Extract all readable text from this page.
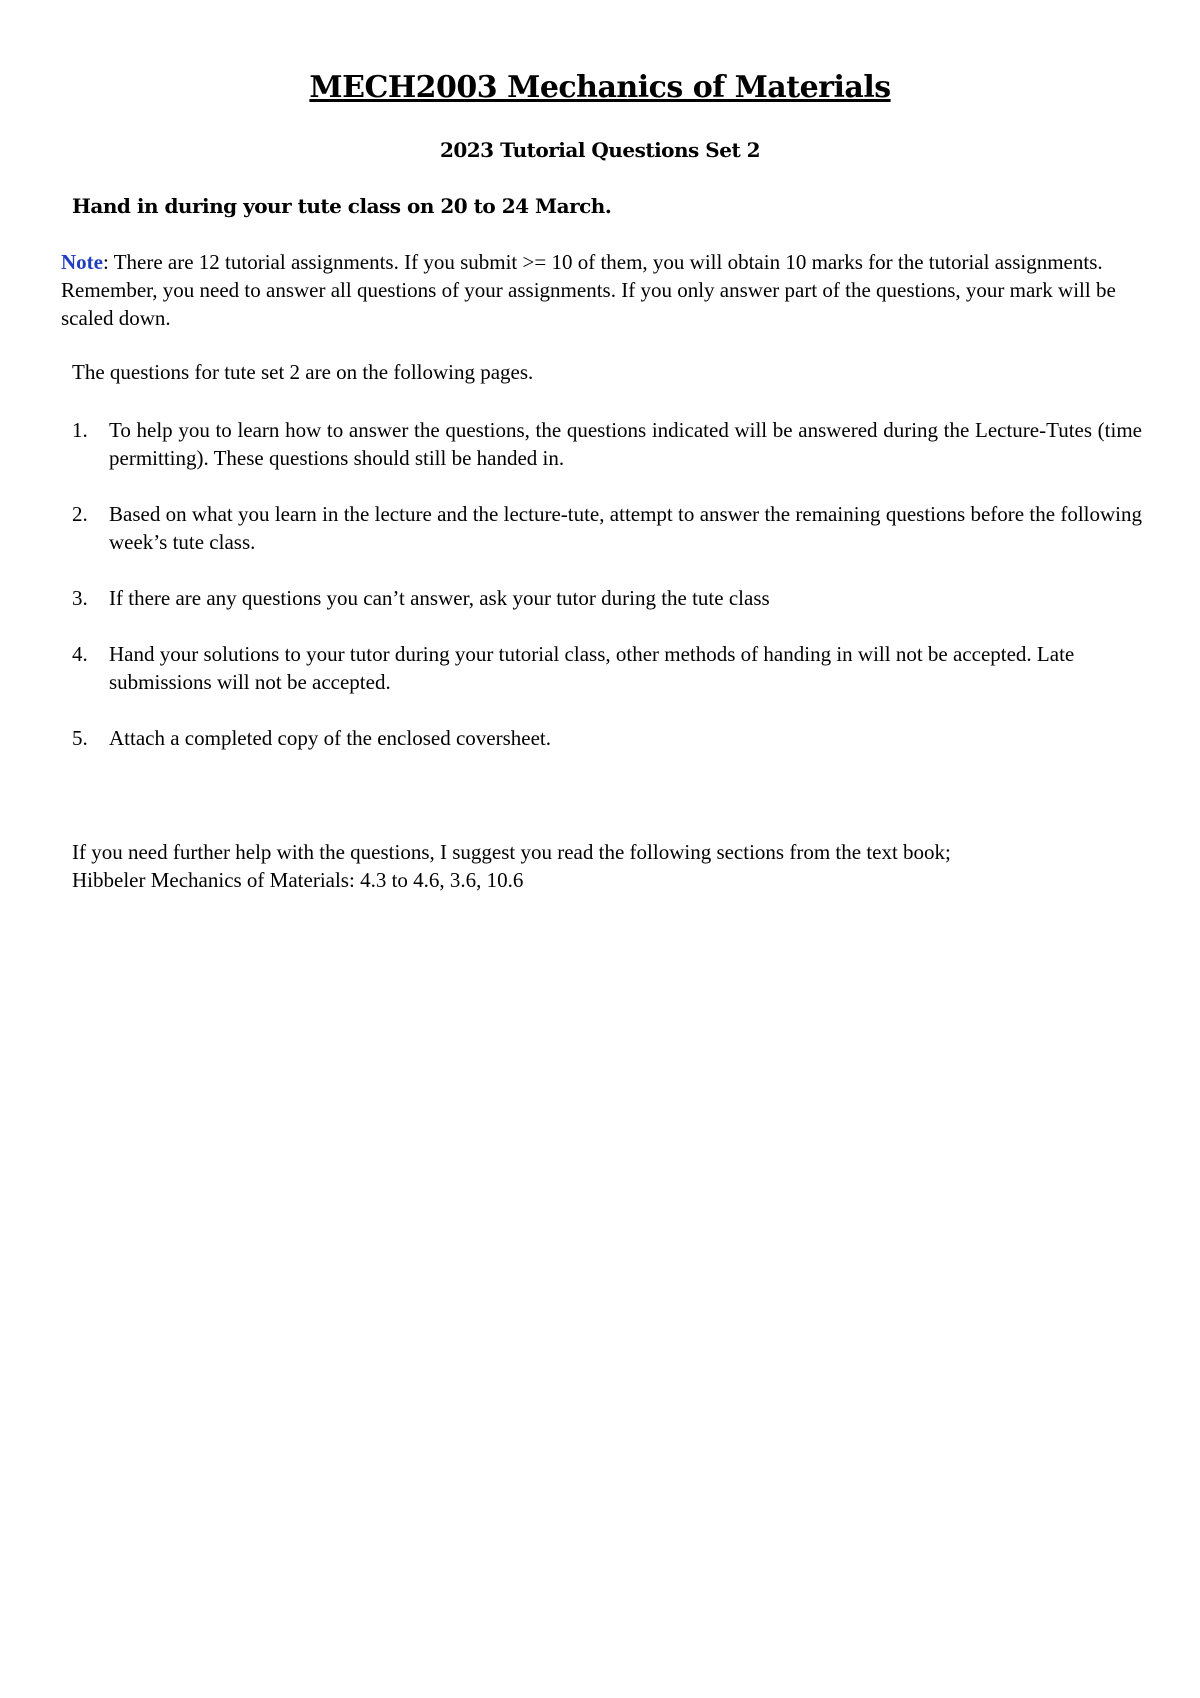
MECH2003 Mechanics of Materials
2023 Tutorial Questions Set 2
Hand in during your tute class on 20 to 24 March.
Note: There are 12 tutorial assignments. If you submit >= 10 of them, you will obtain 10 marks for the tutorial assignments. Remember, you need to answer all questions of your assignments. If you only answer part of the questions, your mark will be scaled down.
The questions for tute set 2 are on the following pages.
1. To help you to learn how to answer the questions, the questions indicated will be answered during the Lecture-Tutes (time permitting). These questions should still be handed in.
2. Based on what you learn in the lecture and the lecture-tute, attempt to answer the remaining questions before the following week’s tute class.
3. If there are any questions you can’t answer, ask your tutor during the tute class
4. Hand your solutions to your tutor during your tutorial class, other methods of handing in will not be accepted. Late submissions will not be accepted.
5. Attach a completed copy of the enclosed coversheet.
If you need further help with the questions, I suggest you read the following sections from the text book;
Hibbeler Mechanics of Materials: 4.3 to 4.6, 3.6, 10.6
